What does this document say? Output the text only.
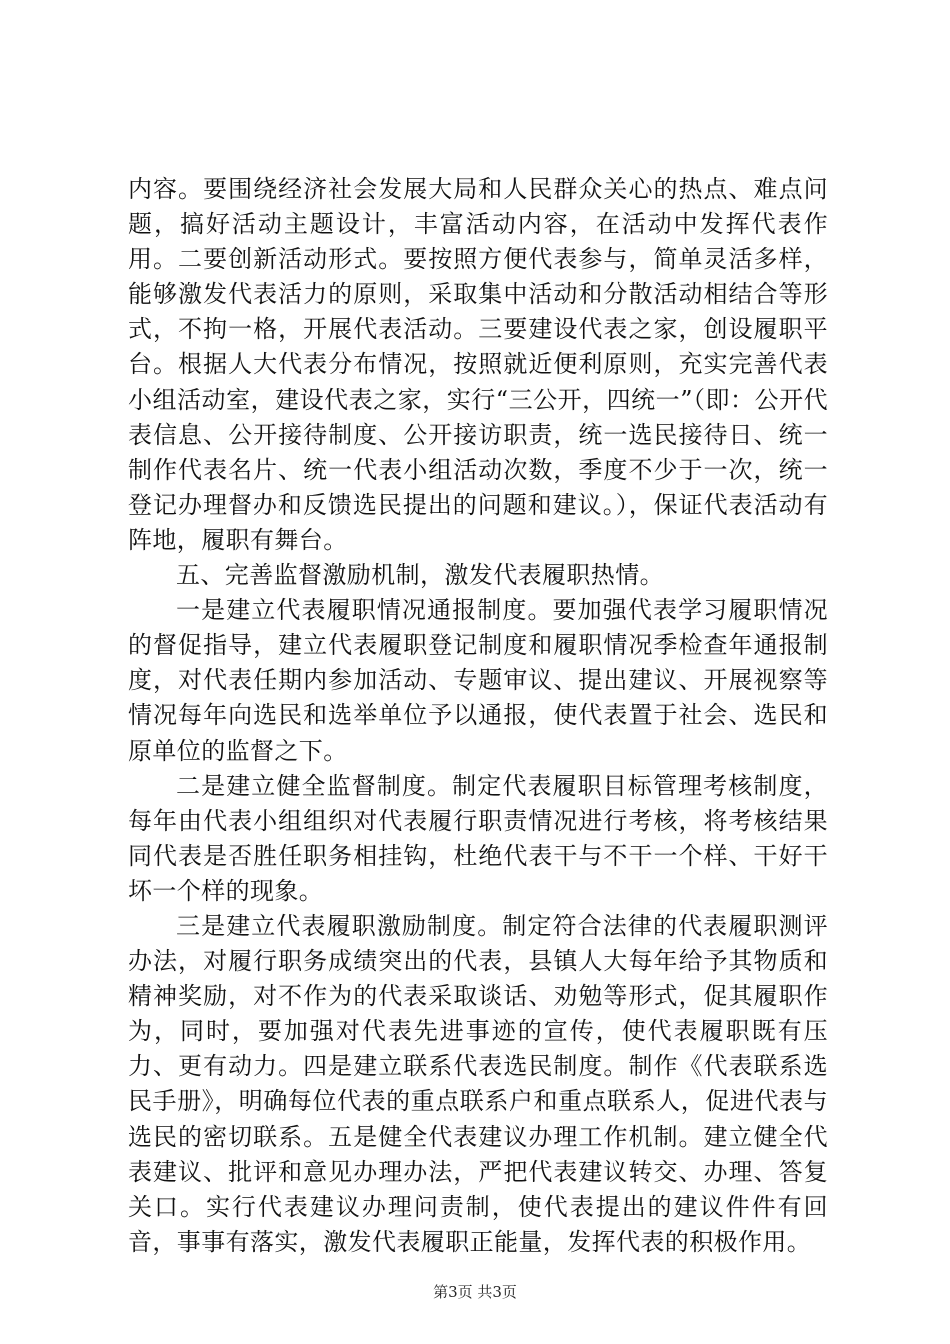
内容。要围绕经济社会发展大局和人民群众关心的热点、难点问题，搞好活动主题设计，丰富活动内容，在活动中发挥代表作用。二要创新活动形式。要按照方便代表参与，简单灵活多样，能够激发代表活力的原则，采取集中活动和分散活动相结合等形式，不拘一格，开展代表活动。三要建设代表之家，创设履职平台。根据人大代表分布情况，按照就近便利原则，充实完善代表小组活动室，建设代表之家，实行“三公开，四统一”（即：公开代表信息、公开接待制度、公开接访职责，统一选民接待日、统一制作代表名片、统一代表小组活动次数，季度不少于一次，统一登记办理督办和反馈选民提出的问题和建议。），保证代表活动有阵地，履职有舞台。

五、完善监督激励机制，激发代表履职热情。

一是建立代表履职情况通报制度。要加强代表学习履职情况的督促指导，建立代表履职登记制度和履职情况季检查年通报制度，对代表任期内参加活动、专题审议、提出建议、开展视察等情况每年向选民和选举单位予以通报，使代表置于社会、选民和原单位的监督之下。

二是建立健全监督制度。制定代表履职目标管理考核制度，每年由代表小组组织对代表履行职责情况进行考核，将考核结果同代表是否胜任职务相挂钩，杜绝代表干与不干一个样、干好干坏一个样的现象。

三是建立代表履职激励制度。制定符合法律的代表履职测评办法，对履行职务成绩突出的代表，县镇人大每年给予其物质和精神奖励，对不作为的代表采取谈话、劝勉等形式，促其履职作为，同时，要加强对代表先进事迹的宣传，使代表履职既有压力、更有动力。四是建立联系代表选民制度。制作《代表联系选民手册》，明确每位代表的重点联系户和重点联系人，促进代表与选民的密切联系。五是健全代表建议办理工作机制。建立健全代表建议、批评和意见办理办法，严把代表建议转交、办理、答复关口。实行代表建议办理问责制，使代表提出的建议件件有回音，事事有落实，激发代表履职正能量，发挥代表的积极作用。

第3页 共3页
